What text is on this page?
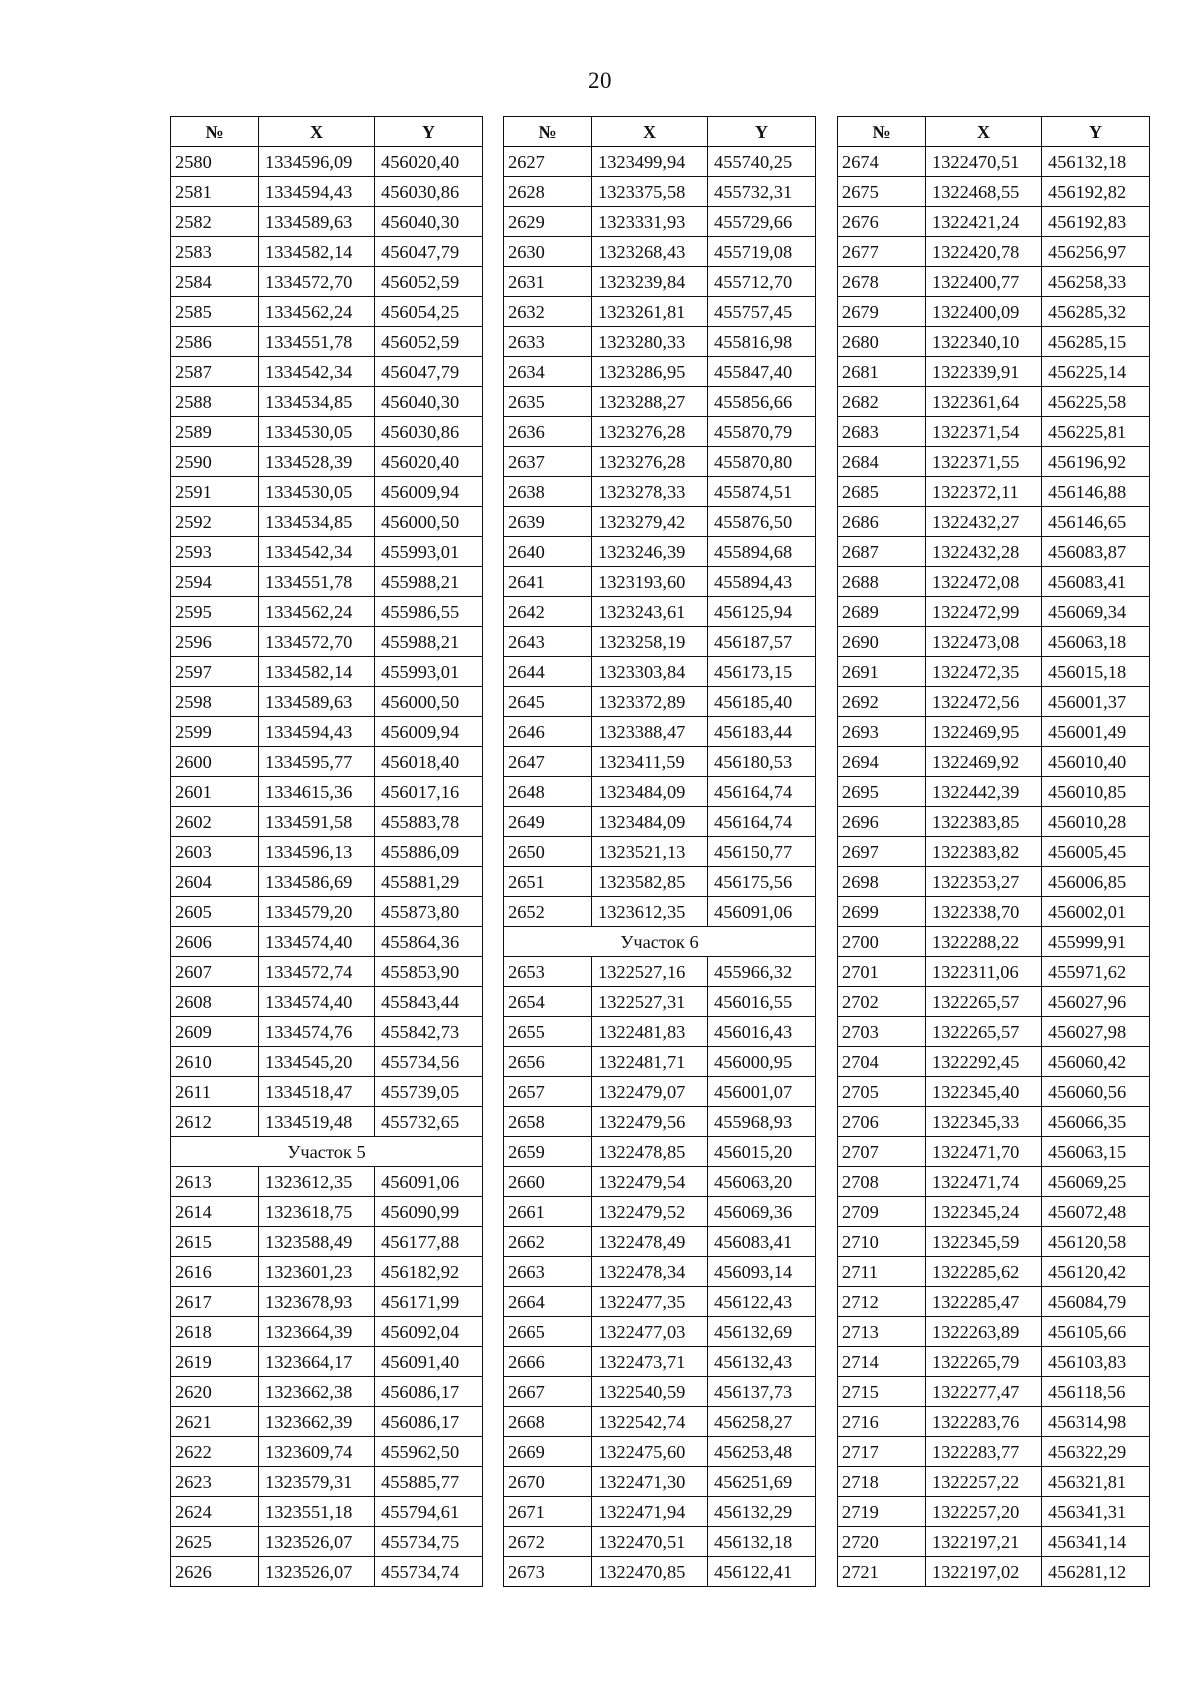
20
№	X	Y
2580	1334596,09	456020,40
2581	1334594,43	456030,86
2582	1334589,63	456040,30
2583	1334582,14	456047,79
2584	1334572,70	456052,59
2585	1334562,24	456054,25
2586	1334551,78	456052,59
2587	1334542,34	456047,79
2588	1334534,85	456040,30
2589	1334530,05	456030,86
2590	1334528,39	456020,40
2591	1334530,05	456009,94
2592	1334534,85	456000,50
2593	1334542,34	455993,01
2594	1334551,78	455988,21
2595	1334562,24	455986,55
2596	1334572,70	455988,21
2597	1334582,14	455993,01
2598	1334589,63	456000,50
2599	1334594,43	456009,94
2600	1334595,77	456018,40
2601	1334615,36	456017,16
2602	1334591,58	455883,78
2603	1334596,13	455886,09
2604	1334586,69	455881,29
2605	1334579,20	455873,80
2606	1334574,40	455864,36
2607	1334572,74	455853,90
2608	1334574,40	455843,44
2609	1334574,76	455842,73
2610	1334545,20	455734,56
2611	1334518,47	455739,05
2612	1334519,48	455732,65
Участок 5		
2613	1323612,35	456091,06
2614	1323618,75	456090,99
2615	1323588,49	456177,88
2616	1323601,23	456182,92
2617	1323678,93	456171,99
2618	1323664,39	456092,04
2619	1323664,17	456091,40
2620	1323662,38	456086,17
2621	1323662,39	456086,17
2622	1323609,74	455962,50
2623	1323579,31	455885,77
2624	1323551,18	455794,61
2625	1323526,07	455734,75
2626	1323526,07	455734,74
№	X	Y
2627	1323499,94	455740,25
2628	1323375,58	455732,31
2629	1323331,93	455729,66
2630	1323268,43	455719,08
2631	1323239,84	455712,70
2632	1323261,81	455757,45
2633	1323280,33	455816,98
2634	1323286,95	455847,40
2635	1323288,27	455856,66
2636	1323276,28	455870,79
2637	1323276,28	455870,80
2638	1323278,33	455874,51
2639	1323279,42	455876,50
2640	1323246,39	455894,68
2641	1323193,60	455894,43
2642	1323243,61	456125,94
2643	1323258,19	456187,57
2644	1323303,84	456173,15
2645	1323372,89	456185,40
2646	1323388,47	456183,44
2647	1323411,59	456180,53
2648	1323484,09	456164,74
2649	1323484,09	456164,74
2650	1323521,13	456150,77
2651	1323582,85	456175,56
2652	1323612,35	456091,06
Участок 6		
2653	1322527,16	455966,32
2654	1322527,31	456016,55
2655	1322481,83	456016,43
2656	1322481,71	456000,95
2657	1322479,07	456001,07
2658	1322479,56	455968,93
2659	1322478,85	456015,20
2660	1322479,54	456063,20
2661	1322479,52	456069,36
2662	1322478,49	456083,41
2663	1322478,34	456093,14
2664	1322477,35	456122,43
2665	1322477,03	456132,69
2666	1322473,71	456132,43
2667	1322540,59	456137,73
2668	1322542,74	456258,27
2669	1322475,60	456253,48
2670	1322471,30	456251,69
2671	1322471,94	456132,29
2672	1322470,51	456132,18
2673	1322470,85	456122,41
№	X	Y
2674	1322470,51	456132,18
2675	1322468,55	456192,82
2676	1322421,24	456192,83
2677	1322420,78	456256,97
2678	1322400,77	456258,33
2679	1322400,09	456285,32
2680	1322340,10	456285,15
2681	1322339,91	456225,14
2682	1322361,64	456225,58
2683	1322371,54	456225,81
2684	1322371,55	456196,92
2685	1322372,11	456146,88
2686	1322432,27	456146,65
2687	1322432,28	456083,87
2688	1322472,08	456083,41
2689	1322472,99	456069,34
2690	1322473,08	456063,18
2691	1322472,35	456015,18
2692	1322472,56	456001,37
2693	1322469,95	456001,49
2694	1322469,92	456010,40
2695	1322442,39	456010,85
2696	1322383,85	456010,28
2697	1322383,82	456005,45
2698	1322353,27	456006,85
2699	1322338,70	456002,01
2700	1322288,22	455999,91
2701	1322311,06	455971,62
2702	1322265,57	456027,96
2703	1322265,57	456027,98
2704	1322292,45	456060,42
2705	1322345,40	456060,56
2706	1322345,33	456066,35
2707	1322471,70	456063,15
2708	1322471,74	456069,25
2709	1322345,24	456072,48
2710	1322345,59	456120,58
2711	1322285,62	456120,42
2712	1322285,47	456084,79
2713	1322263,89	456105,66
2714	1322265,79	456103,83
2715	1322277,47	456118,56
2716	1322283,76	456314,98
2717	1322283,77	456322,29
2718	1322257,22	456321,81
2719	1322257,20	456341,31
2720	1322197,21	456341,14
2721	1322197,02	456281,12
